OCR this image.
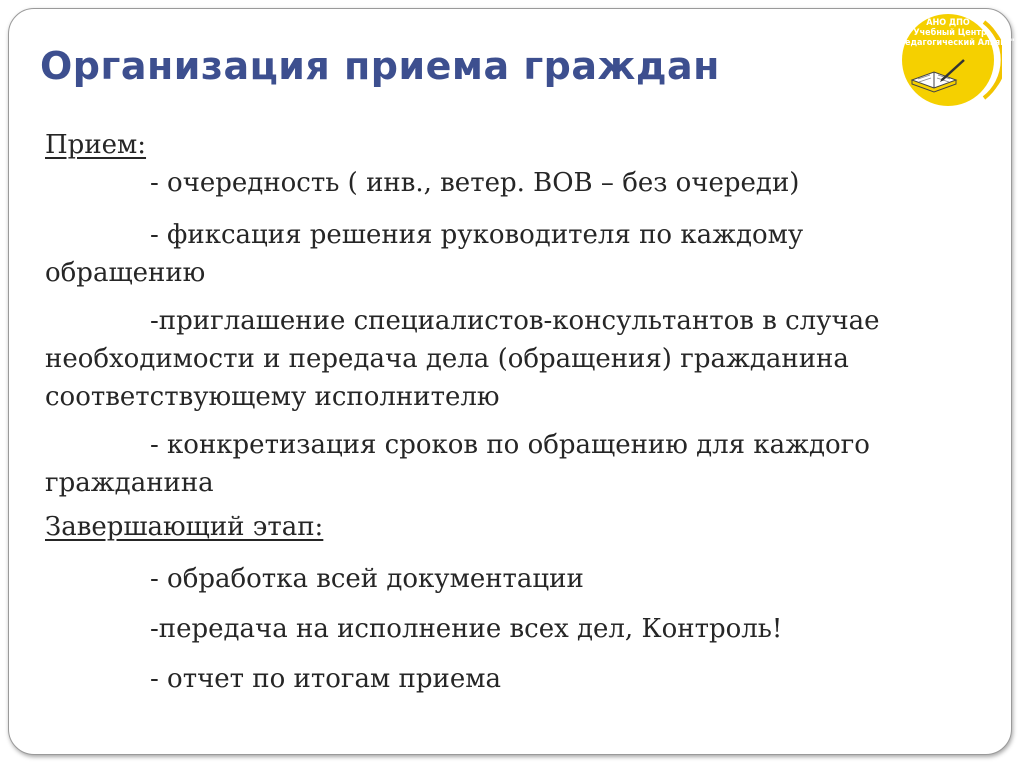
Организация приема граждан
АНО ДПО
"Учебный Центр
"Педагогический Альянс"

Прием:

- очередность ( инв., ветер. ВОВ – без очереди)
- фиксация решения руководителя по каждому обращению
-приглашение специалистов-консультантов в случае необходимости и передача дела (обращения) гражданина соответствующему исполнителю
- конкретизация сроков по обращению для каждого гражданина

Завершающий этап:

- обработка всей документации
-передача на исполнение всех дел, Контроль!
- отчет по итогам приема
